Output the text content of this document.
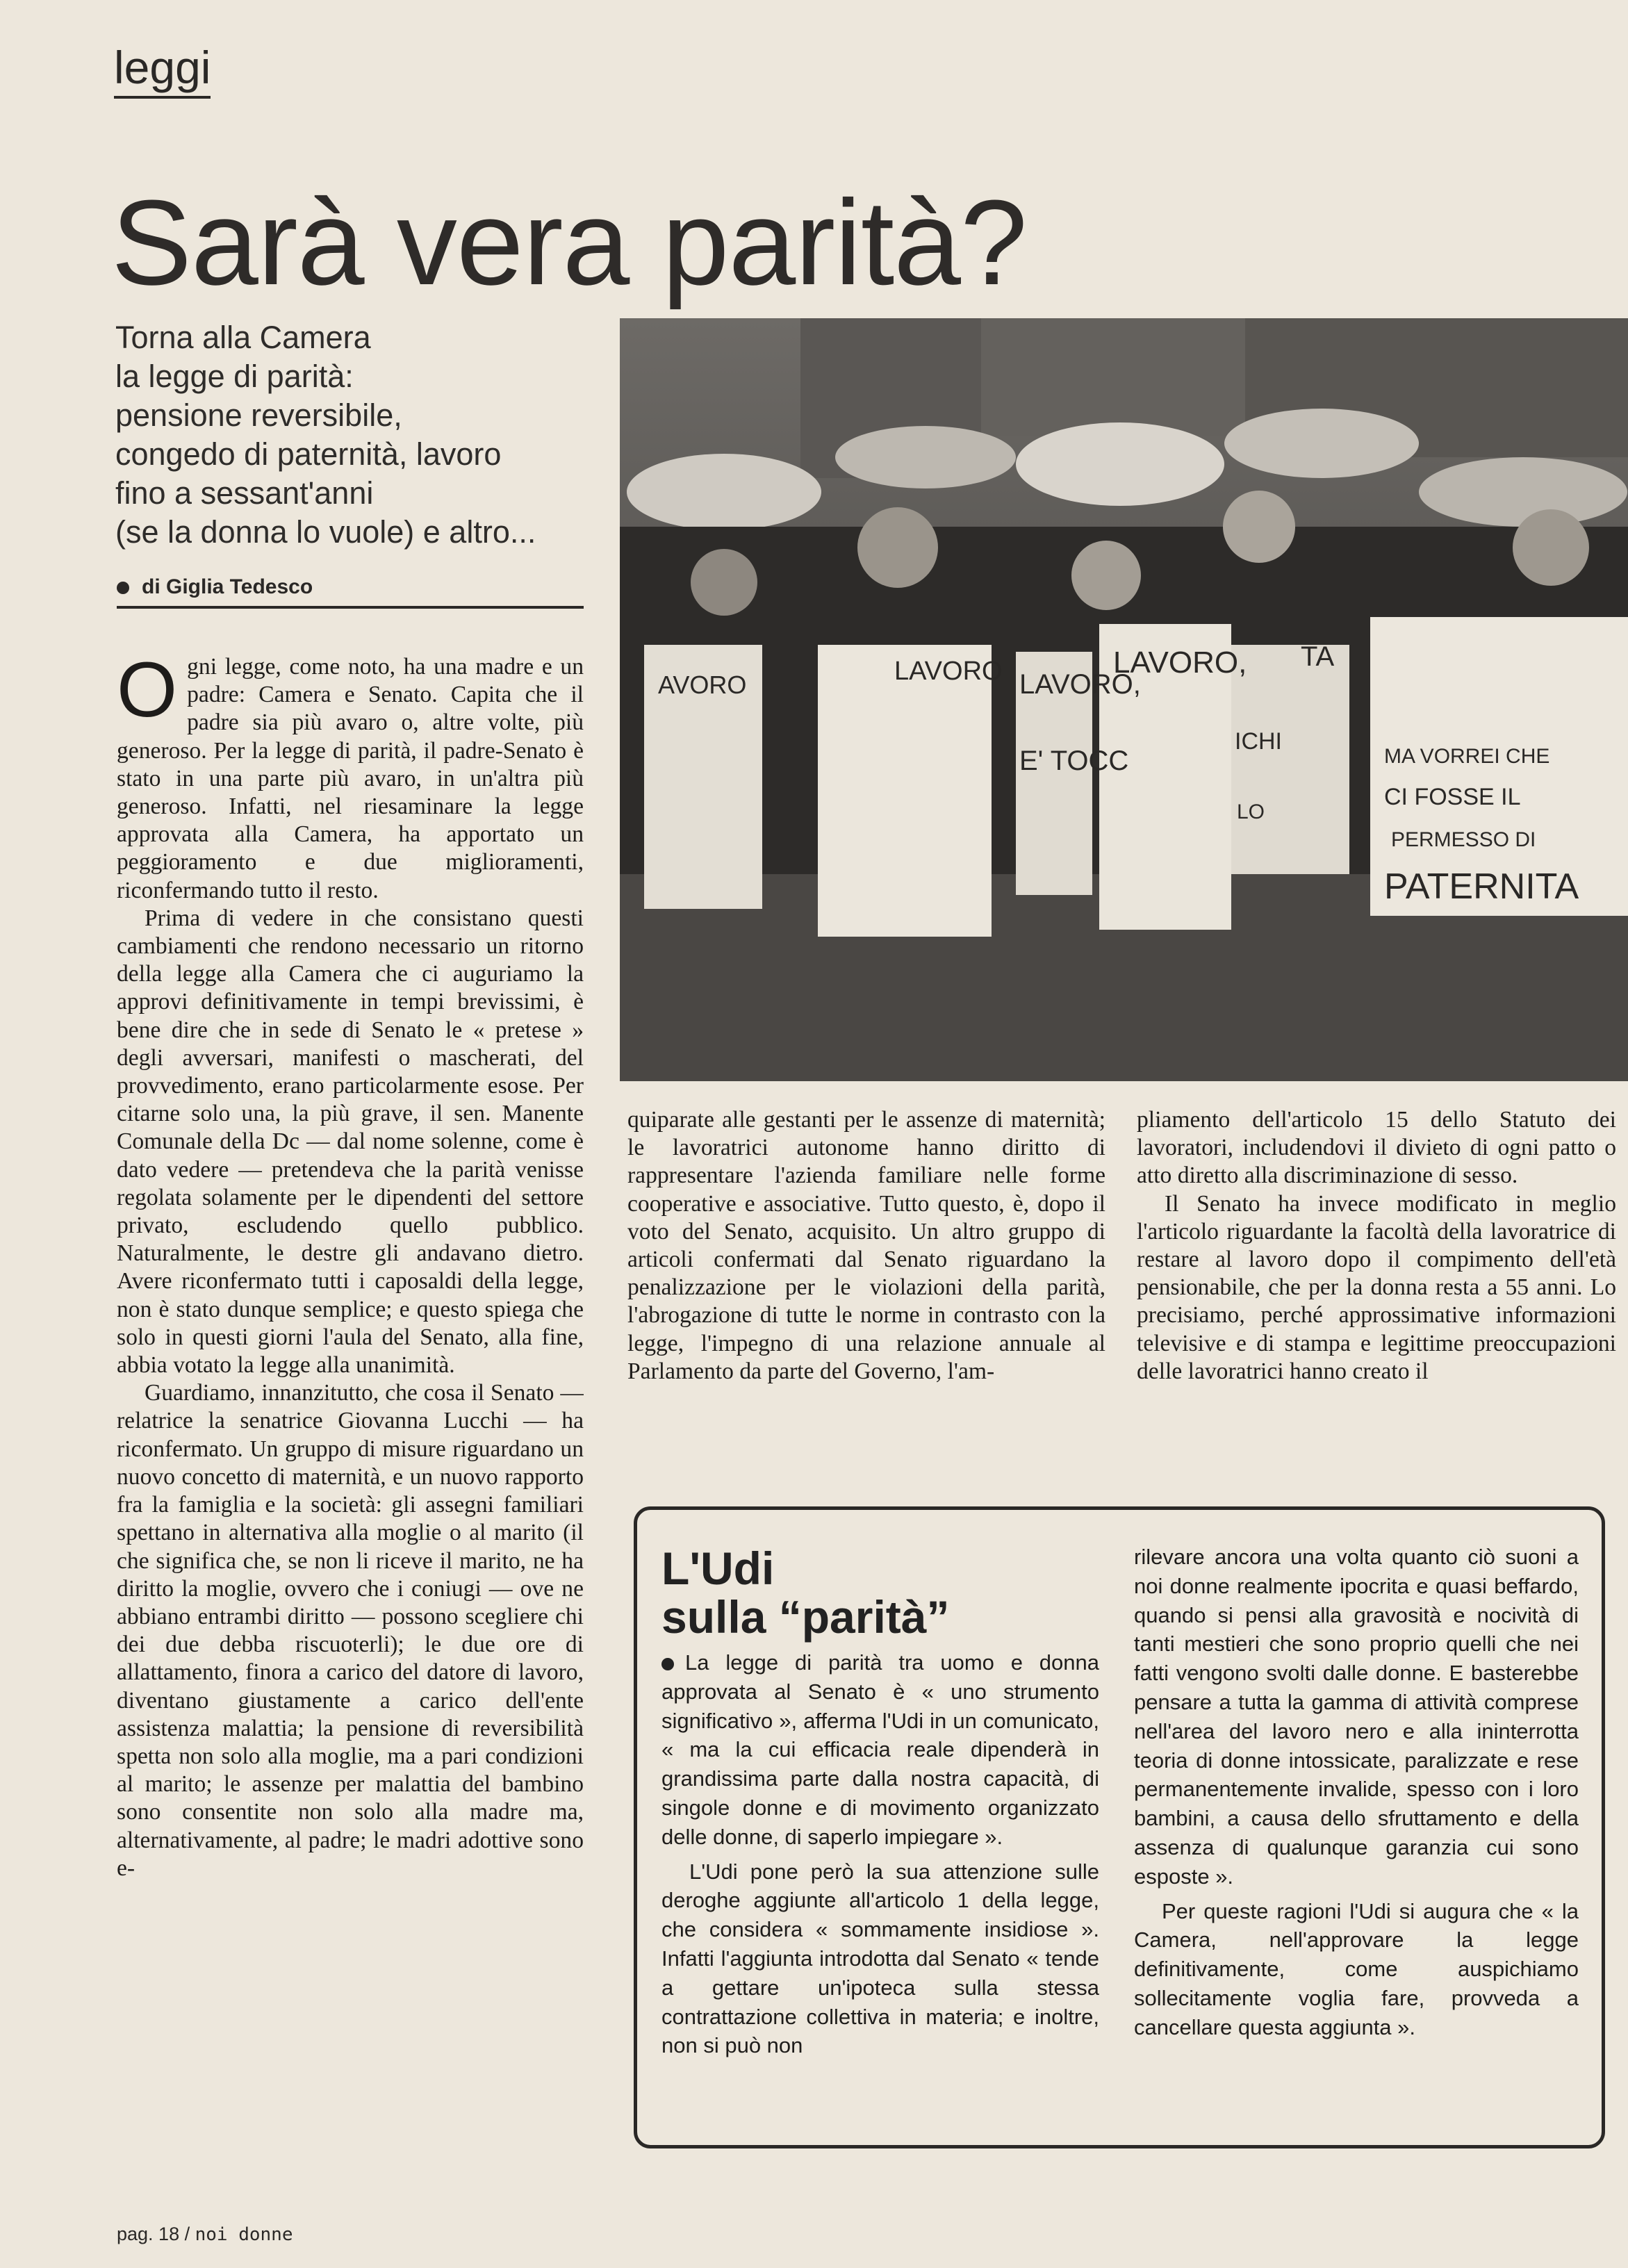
leggi
Sarà vera parità?
Torna alla Camera
la legge di parità:
pensione reversibile,
congedo di paternità, lavoro
fino a sessant'anni
(se la donna lo vuole) e altro...
di Giglia Tedesco
AVORO	LAVORO LAVORO,
TA
LAVORO,
MA VORREI CHE
CI FOSSE IL
PERMESSO DI
PATERNITA
E' TOCC
ICHI
LO

Ogni legge, come noto, ha una madre e un padre: Camera e Senato. Capita che il padre sia più avaro o, altre volte, più generoso. Per la legge di parità, il padre-Senato è stato in una parte più avaro, in un'altra più generoso. Infatti, nel riesaminare la legge approvata alla Camera, ha apportato un peggioramento e due miglioramenti, riconfermando tutto il resto.

Prima di vedere in che consistano questi cambiamenti che rendono necessario un ritorno della legge alla Camera che ci auguriamo la approvi definitivamente in tempi brevissimi, è bene dire che in sede di Senato le « pretese » degli avversari, manifesti o mascherati, del provvedimento, erano particolarmente esose. Per citarne solo una, la più grave, il sen. Manente Comunale della Dc — dal nome solenne, come è dato vedere — pretendeva che la parità venisse regolata solamente per le dipendenti del settore privato, escludendo quello pubblico. Naturalmente, le destre gli andavano dietro. Avere riconfermato tutti i caposaldi della legge, non è stato dunque semplice; e questo spiega che solo in questi giorni l'aula del Senato, alla fine, abbia votato la legge alla unanimità.

Guardiamo, innanzitutto, che cosa il Senato — relatrice la senatrice Giovanna Lucchi — ha riconfermato. Un gruppo di misure riguardano un nuovo concetto di maternità, e un nuovo rapporto fra la famiglia e la società: gli assegni familiari spettano in alternativa alla moglie o al marito (il che significa che, se non li riceve il marito, ne ha diritto la moglie, ovvero che i coniugi — ove ne abbiano entrambi diritto — possono scegliere chi dei due debba riscuoterli); le due ore di allattamento, finora a carico del datore di lavoro, diventano giustamente a carico dell'ente assistenza malattia; la pensione di reversibilità spetta non solo alla moglie, ma a pari condizioni al marito; le assenze per malattia del bambino sono consentite non solo alla madre ma, alternativamente, al padre; le madri adottive sono e-

quiparate alle gestanti per le assenze di maternità; le lavoratrici autonome hanno diritto di rappresentare l'azienda familiare nelle forme cooperative e associative. Tutto questo, è, dopo il voto del Senato, acquisito. Un altro gruppo di articoli confermati dal Senato riguardano la penalizzazione per le violazioni della parità, l'abrogazione di tutte le norme in contrasto con la legge, l'impegno di una relazione annuale al Parlamento da parte del Governo, l'am-

pliamento dell'articolo 15 dello Statuto dei lavoratori, includendovi il divieto di ogni patto o atto diretto alla discriminazione di sesso.

Il Senato ha invece modificato in meglio l'articolo riguardante la facoltà della lavoratrice di restare al lavoro dopo il compimento dell'età pensionabile, che per la donna resta a 55 anni. Lo precisiamo, perché approssimative informazioni televisive e di stampa e legittime preoccupazioni delle lavoratrici hanno creato il

L'Udi
sulla “parità”

La legge di parità tra uomo e donna approvata al Senato è « uno strumento significativo », afferma l'Udi in un comunicato, « ma la cui efficacia reale dipenderà in grandissima parte dalla nostra capacità, di singole donne e di movimento organizzato delle donne, di saperlo impiegare ».

L'Udi pone però la sua attenzione sulle deroghe aggiunte all'articolo 1 della legge, che considera « sommamente insidiose ». Infatti l'aggiunta introdotta dal Senato « tende a gettare un'ipoteca sulla stessa contrattazione collettiva in materia; e inoltre, non si può non

rilevare ancora una volta quanto ciò suoni a noi donne realmente ipocrita e quasi beffardo, quando si pensi alla gravosità e nocività di tanti mestieri che sono proprio quelli che nei fatti vengono svolti dalle donne. E basterebbe pensare a tutta la gamma di attività comprese nell'area del lavoro nero e alla ininterrotta teoria di donne intossicate, paralizzate e rese permanentemente invalide, spesso con i loro bambini, a causa dello sfruttamento e della assenza di qualunque garanzia cui sono esposte ».

Per queste ragioni l'Udi si augura che « la Camera, nell'approvare la legge definitivamente, come auspichiamo sollecitamente voglia fare, provveda a cancellare questa aggiunta ».

pag. 18 / noi donne
